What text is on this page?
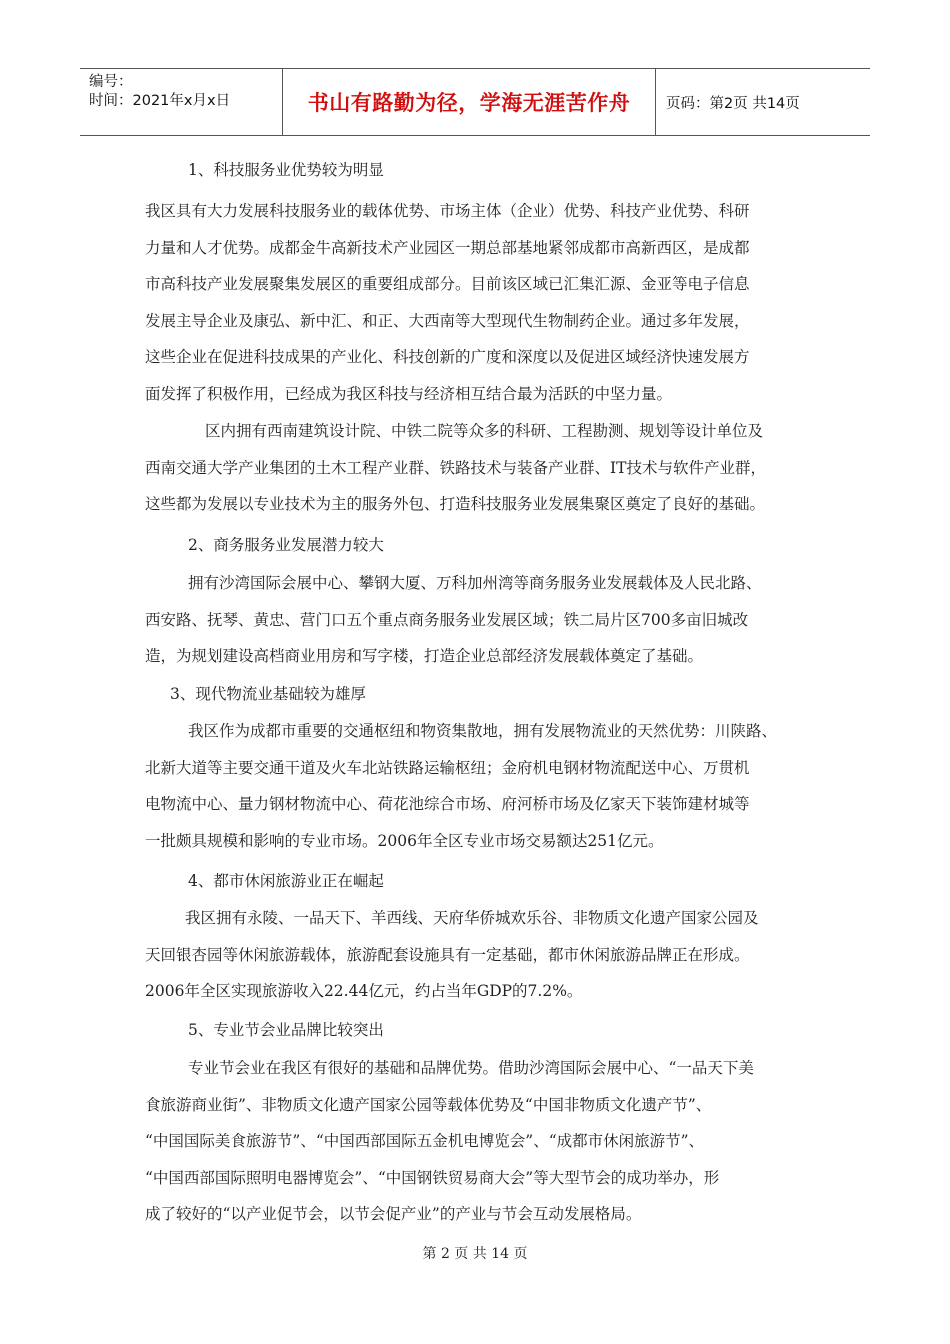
编号：
时间：2021年x月x日	书山有路勤为径，学海无涯苦作舟 页码：第2页 共14页
1、科技服务业优势较为明显
我区具有大力发展科技服务业的载体优势、市场主体（企业）优势、科技产业优势、科研
力量和人才优势。成都金牛高新技术产业园区一期总部基地紧邻成都市高新西区，是成都
市高科技产业发展聚集发展区的重要组成部分。目前该区域已汇集汇源、金亚等电子信息
发展主导企业及康弘、新中汇、和正、大西南等大型现代生物制药企业。通过多年发展，
这些企业在促进科技成果的产业化、科技创新的广度和深度以及促进区域经济快速发展方
面发挥了积极作用，已经成为我区科技与经济相互结合最为活跃的中坚力量。
区内拥有西南建筑设计院、中铁二院等众多的科研、工程勘测、规划等设计单位及
西南交通大学产业集团的土木工程产业群、铁路技术与装备产业群、IT技术与软件产业群，
这些都为发展以专业技术为主的服务外包、打造科技服务业发展集聚区奠定了良好的基础。
2、商务服务业发展潜力较大
拥有沙湾国际会展中心、攀钢大厦、万科加州湾等商务服务业发展载体及人民北路、
西安路、抚琴、黄忠、营门口五个重点商务服务业发展区域；铁二局片区700多亩旧城改
造，为规划建设高档商业用房和写字楼，打造企业总部经济发展载体奠定了基础。
3、现代物流业基础较为雄厚
我区作为成都市重要的交通枢纽和物资集散地，拥有发展物流业的天然优势：川陕路、
北新大道等主要交通干道及火车北站铁路运输枢纽；金府机电钢材物流配送中心、万贯机
电物流中心、量力钢材物流中心、荷花池综合市场、府河桥市场及亿家天下装饰建材城等
一批颇具规模和影响的专业市场。2006年全区专业市场交易额达251亿元。
4、都市休闲旅游业正在崛起
我区拥有永陵、一品天下、羊西线、天府华侨城欢乐谷、非物质文化遗产国家公园及
天回银杏园等休闲旅游载体，旅游配套设施具有一定基础，都市休闲旅游品牌正在形成。
2006年全区实现旅游收入22.44亿元，约占当年GDP的7.2%。
5、专业节会业品牌比较突出
专业节会业在我区有很好的基础和品牌优势。借助沙湾国际会展中心、“一品天下美
食旅游商业街”、非物质文化遗产国家公园等载体优势及“中国非物质文化遗产节”、
“中国国际美食旅游节”、“中国西部国际五金机电博览会”、“成都市休闲旅游节”、
“中国西部国际照明电器博览会”、“中国钢铁贸易商大会”等大型节会的成功举办，形
成了较好的“以产业促节会，以节会促产业”的产业与节会互动发展格局。
第 2 页 共 14 页
